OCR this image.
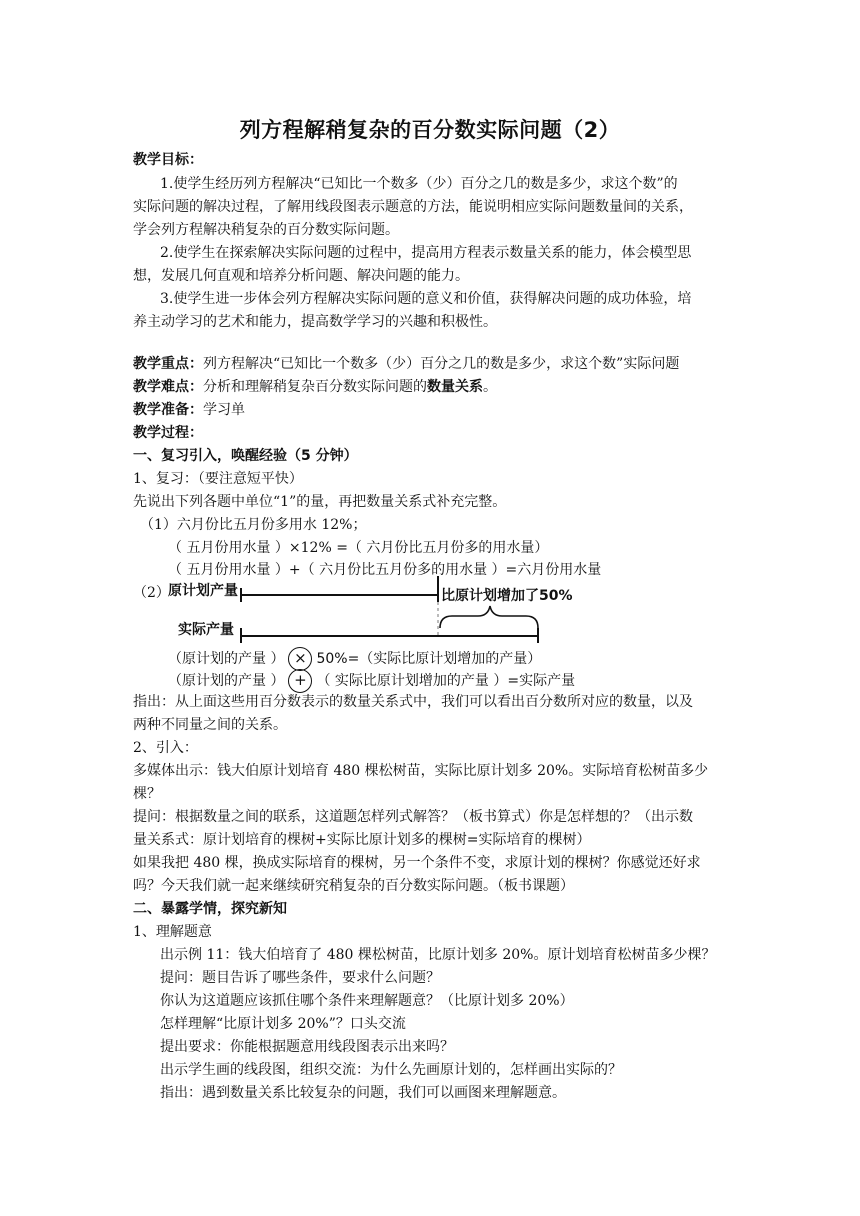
列方程解稍复杂的百分数实际问题（2）
教学目标：
1.使学生经历列方程解决“已知比一个数多（少）百分之几的数是多少，求这个数”的
实际问题的解决过程，了解用线段图表示题意的方法，能说明相应实际问题数量间的关系，
学会列方程解决稍复杂的百分数实际问题。
2.使学生在探索解决实际问题的过程中，提高用方程表示数量关系的能力，体会模型思
想，发展几何直观和培养分析问题、解决问题的能力。
3.使学生进一步体会列方程解决实际问题的意义和价值，获得解决问题的成功体验，培
养主动学习的艺术和能力，提高数学学习的兴趣和积极性。
教学重点：列方程解决“已知比一个数多（少）百分之几的数是多少，求这个数”实际问题
教学难点：分析和理解稍复杂百分数实际问题的数量关系。
教学准备：学习单
教学过程：
一、复习引入，唤醒经验（5 分钟）
1、复习：（要注意短平快）
先说出下列各题中单位“1”的量，再把数量关系式补充完整。
（1）六月份比五月份多用水 12%；
（ 五月份用水量 ）×12% =（ 六月份比五月份多的用水量）
（ 五月份用水量 ）+（ 六月份比五月份多的用水量 ）=六月份用水量
（2）
原计划产量	比原计划增加了50%
实际产量
（原计划的产量 ） × 50%=（实际比原计划增加的产量）
（原计划的产量 ） + （ 实际比原计划增加的产量 ）=实际产量
指出：从上面这些用百分数表示的数量关系式中，我们可以看出百分数所对应的数量，以及
两种不同量之间的关系。
2、引入：
多媒体出示：钱大伯原计划培育 480 棵松树苗，实际比原计划多 20%。实际培育松树苗多少
棵？
提问：根据数量之间的联系，这道题怎样列式解答？（板书算式）你是怎样想的？（出示数
量关系式：原计划培育的棵树+实际比原计划多的棵树=实际培育的棵树）
如果我把 480 棵，换成实际培育的棵树，另一个条件不变，求原计划的棵树？你感觉还好求
吗？今天我们就一起来继续研究稍复杂的百分数实际问题。（板书课题）
二、暴露学情，探究新知
1、理解题意
出示例 11：钱大伯培育了 480 棵松树苗，比原计划多 20%。原计划培育松树苗多少棵？
提问：题目告诉了哪些条件，要求什么问题？
你认为这道题应该抓住哪个条件来理解题意？（比原计划多 20%）
怎样理解“比原计划多 20%”？口头交流
提出要求：你能根据题意用线段图表示出来吗？
出示学生画的线段图，组织交流：为什么先画原计划的，怎样画出实际的？
指出：遇到数量关系比较复杂的问题，我们可以画图来理解题意。
